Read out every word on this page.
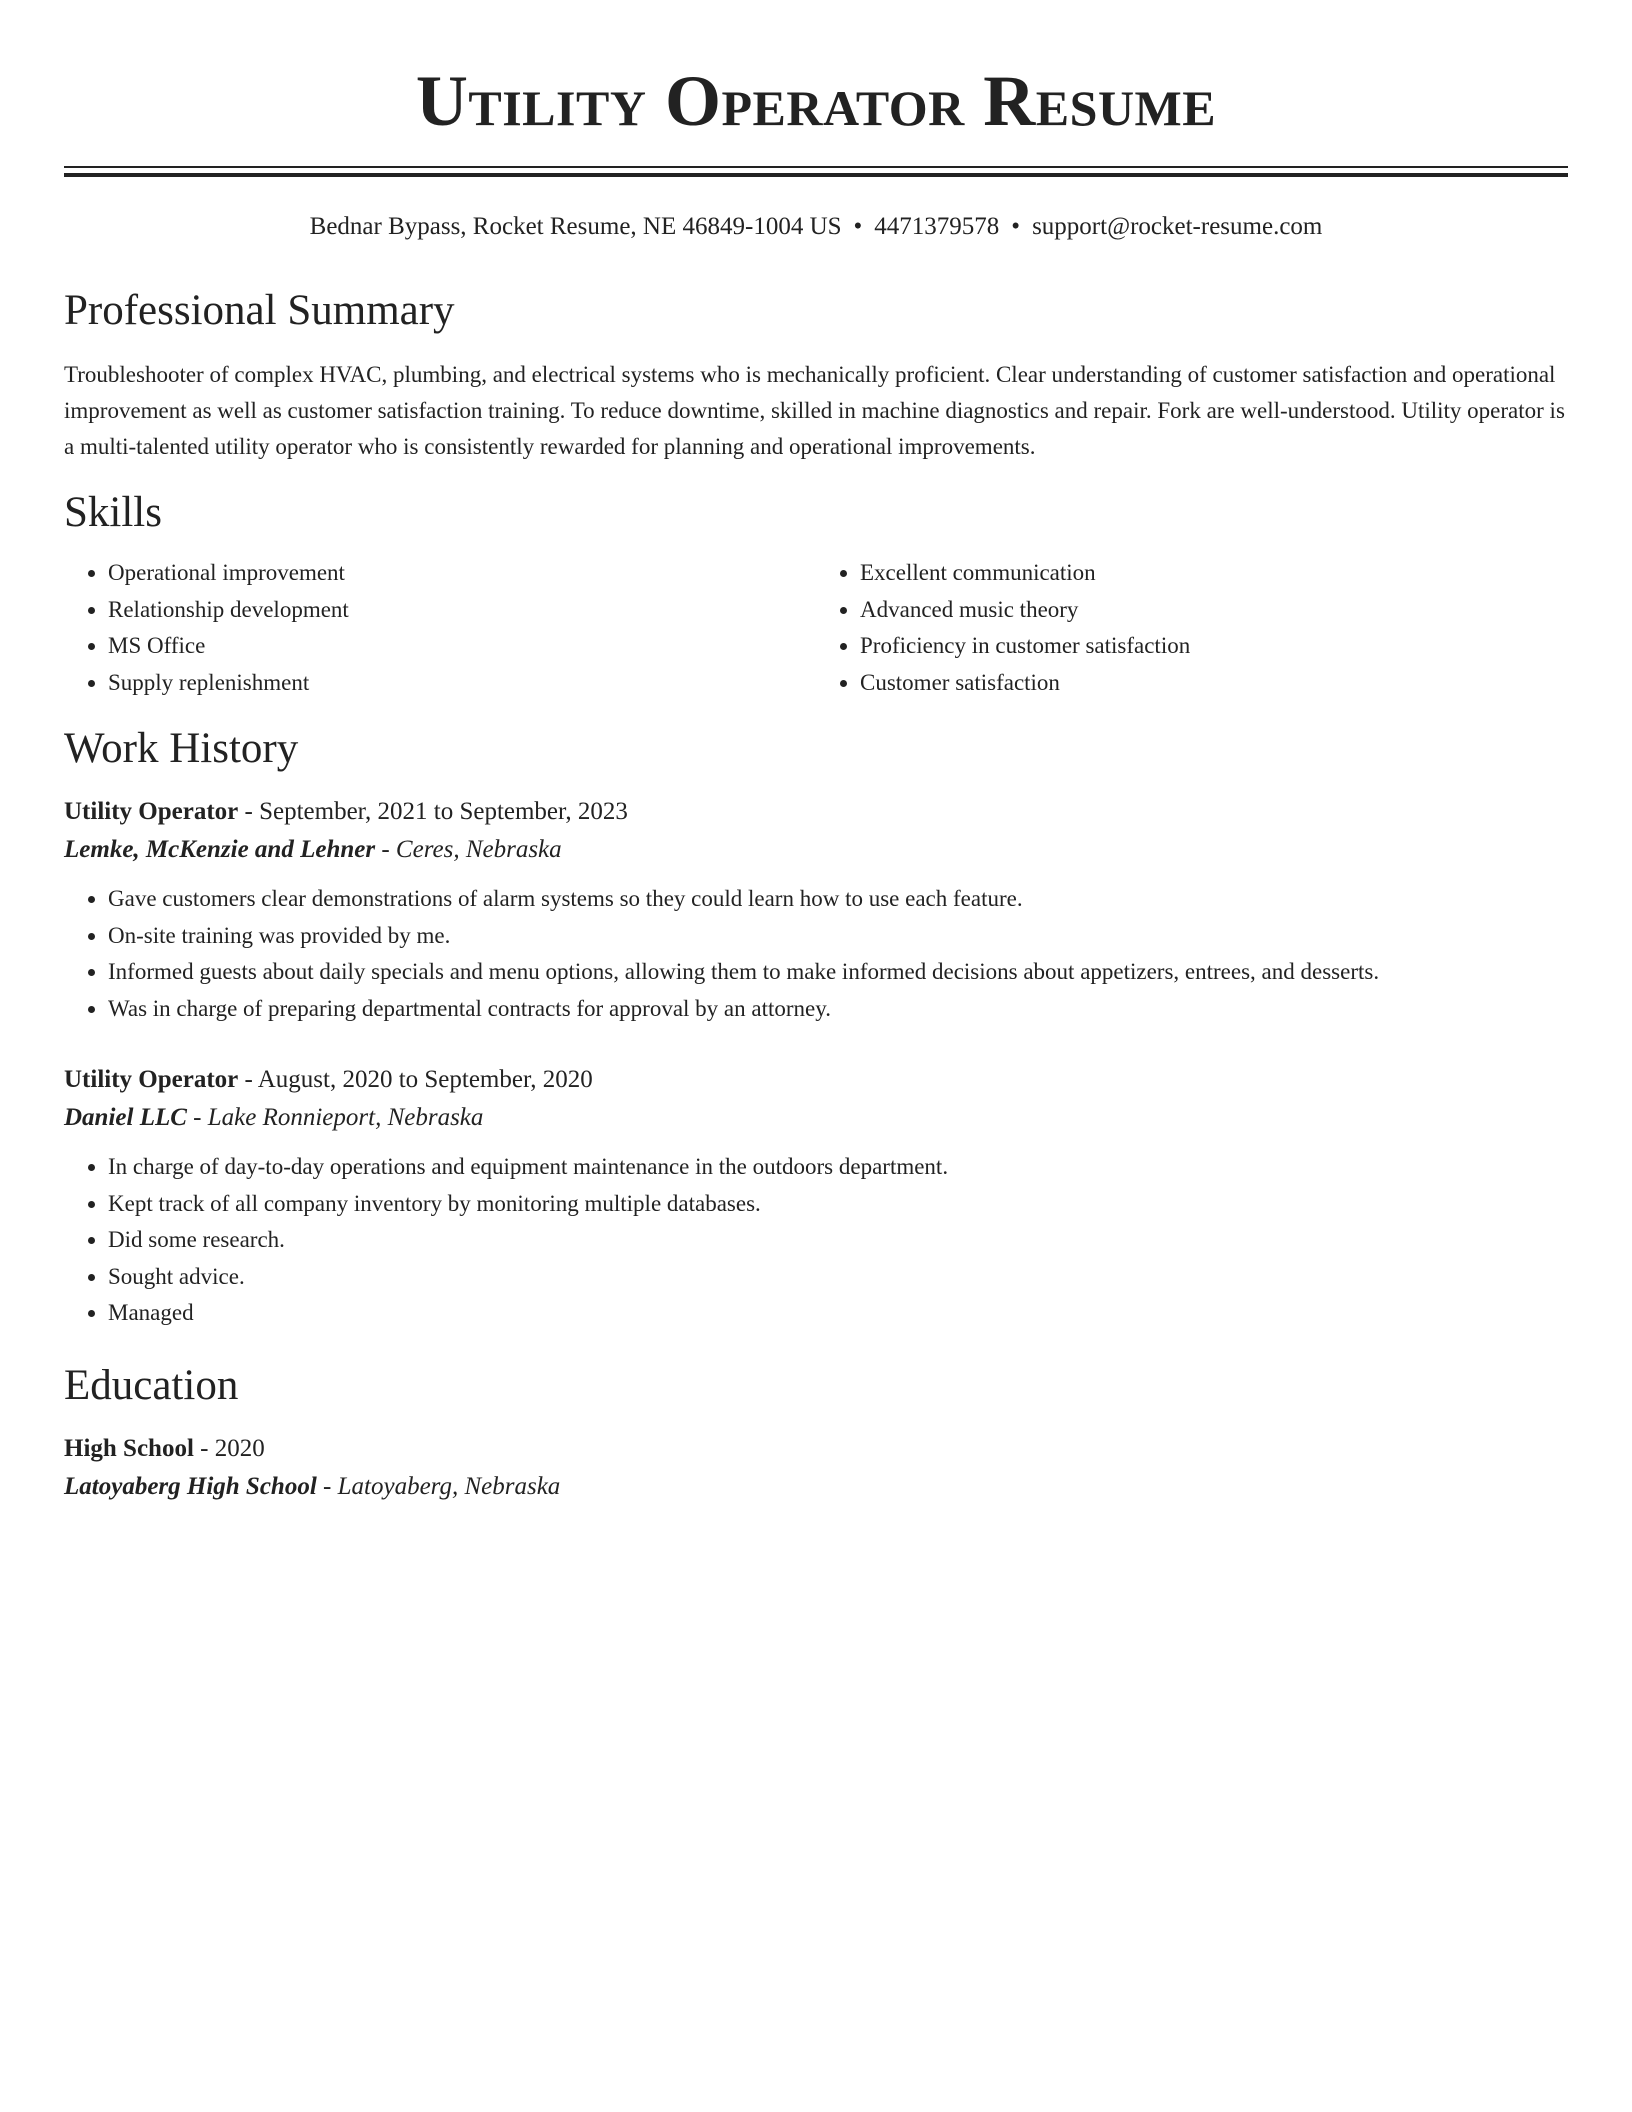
Utility Operator Resume
Bednar Bypass, Rocket Resume, NE 46849-1004 US • 4471379578 • support@rocket-resume.com
Professional Summary

Troubleshooter of complex HVAC, plumbing, and electrical systems who is mechanically proficient. Clear understanding of customer satisfaction and operational improvement as well as customer satisfaction training. To reduce downtime, skilled in machine diagnostics and repair. Fork are well-understood. Utility operator is a multi-talented utility operator who is consistently rewarded for planning and operational improvements.

Skills
• Operational improvement
• Relationship development
• MS Office
• Supply replenishment
• Excellent communication
• Advanced music theory
• Proficiency in customer satisfaction
• Customer satisfaction
Work History
Utility Operator - September, 2021 to September, 2023
Lemke, McKenzie and Lehner - Ceres, Nebraska
• Gave customers clear demonstrations of alarm systems so they could learn how to use each feature.
• On-site training was provided by me.
• Informed guests about daily specials and menu options, allowing them to make informed decisions about appetizers, entrees, and desserts.
• Was in charge of preparing departmental contracts for approval by an attorney.
Utility Operator - August, 2020 to September, 2020
Daniel LLC - Lake Ronnieport, Nebraska
• In charge of day-to-day operations and equipment maintenance in the outdoors department.
• Kept track of all company inventory by monitoring multiple databases.
• Did some research.
• Sought advice.
• Managed
Education
High School - 2020
Latoyaberg High School - Latoyaberg, Nebraska
